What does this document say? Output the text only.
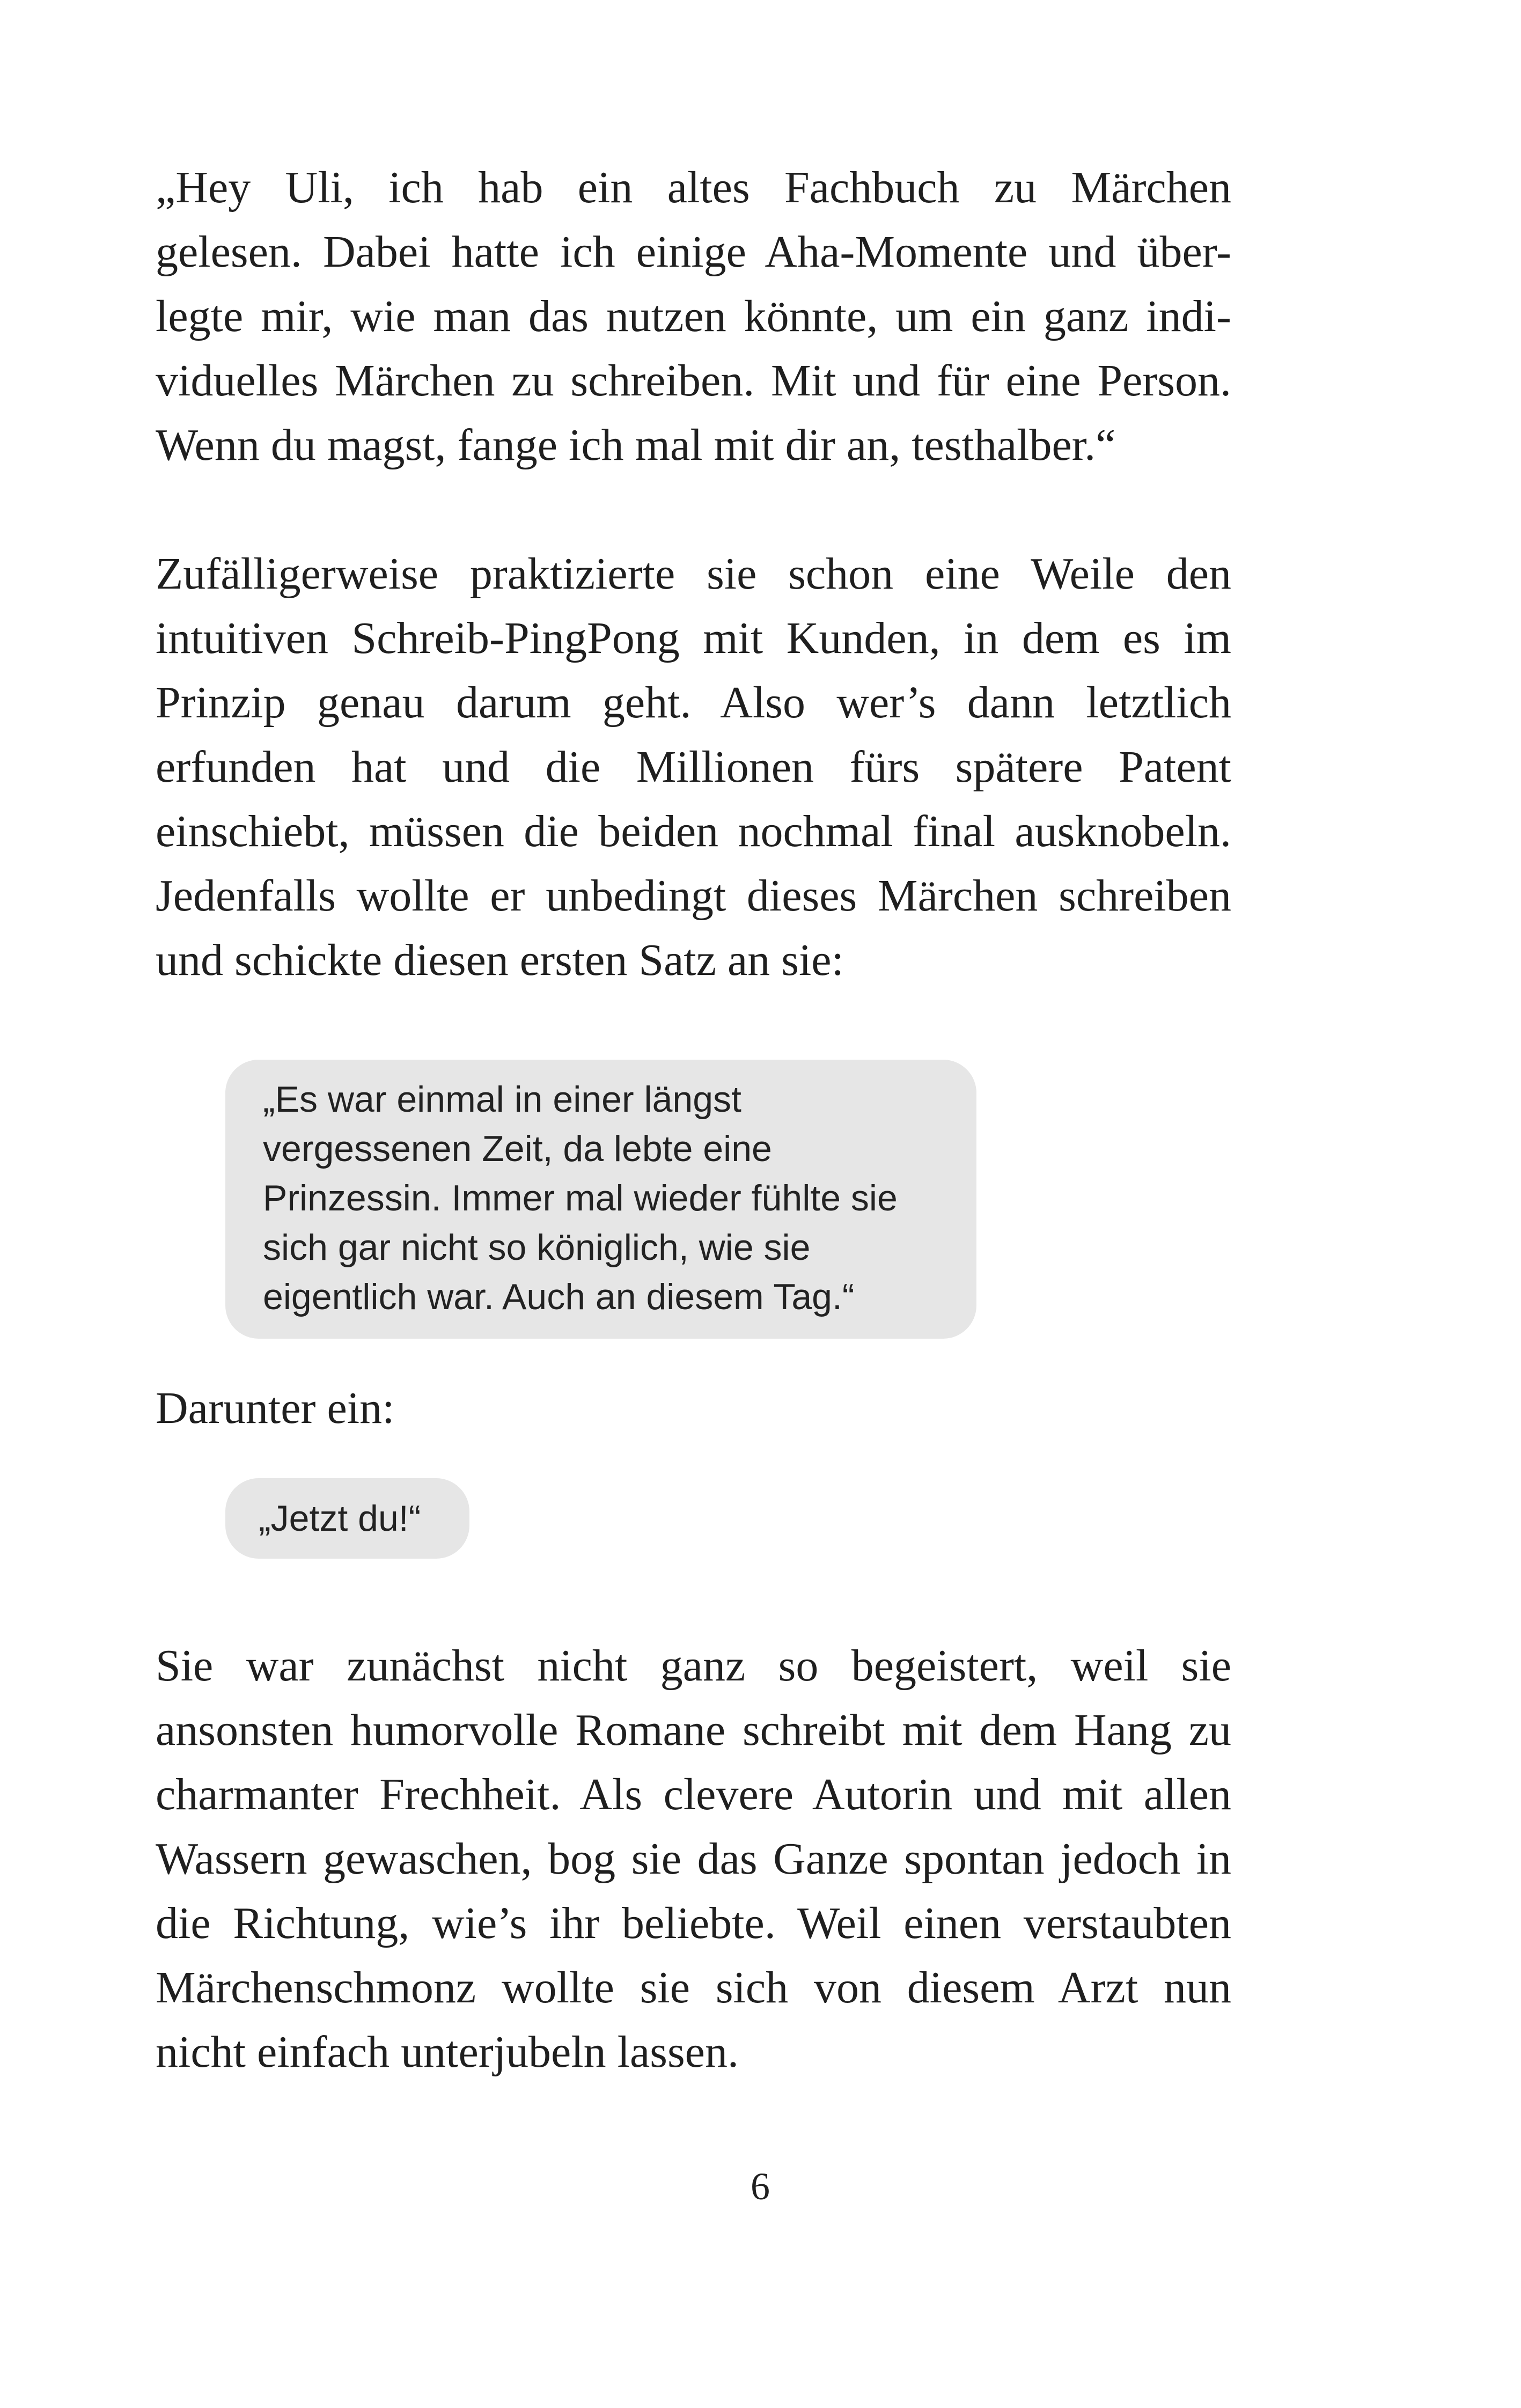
„Hey Uli, ich hab ein altes Fachbuch zu Märchen
gelesen. Dabei hatte ich einige Aha-Momente und über-
legte mir, wie man das nutzen könnte, um ein ganz indi-
viduelles Märchen zu schreiben. Mit und für eine Person.
Wenn du magst, fange ich mal mit dir an, testhalber.“
Zufälligerweise praktizierte sie schon eine Weile den
intuitiven Schreib-PingPong mit Kunden, in dem es im
Prinzip genau darum geht. Also wer’s dann letztlich
erfunden hat und die Millionen fürs spätere Patent
einschiebt, müssen die beiden nochmal final ausknobeln.
Jedenfalls wollte er unbedingt dieses Märchen schreiben
und schickte diesen ersten Satz an sie:
„Es war einmal in einer längst
vergessenen Zeit, da lebte eine
Prinzessin. Immer mal wieder fühlte sie
sich gar nicht so königlich, wie sie
eigentlich war. Auch an diesem Tag.“
Darunter ein:
„Jetzt du!“
Sie war zunächst nicht ganz so begeistert, weil sie
ansonsten humorvolle Romane schreibt mit dem Hang zu
charmanter Frechheit. Als clevere Autorin und mit allen
Wassern gewaschen, bog sie das Ganze spontan jedoch in
die Richtung, wie’s ihr beliebte. Weil einen verstaubten
Märchenschmonz wollte sie sich von diesem Arzt nun
nicht einfach unterjubeln lassen.
6
